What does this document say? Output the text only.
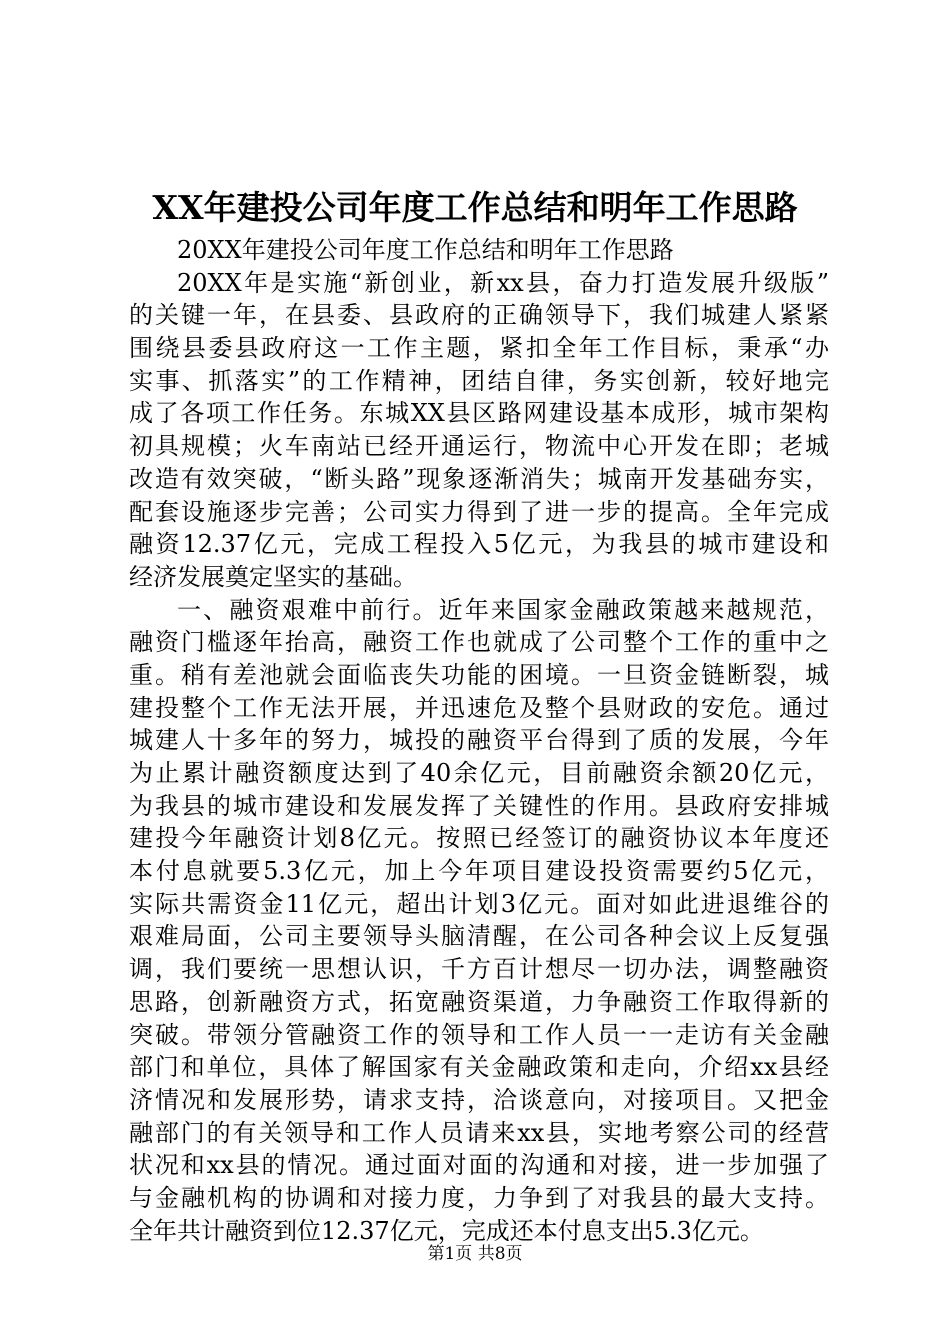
XX年建投公司年度工作总结和明年工作思路
20XX年建投公司年度工作总结和明年工作思路
20XX年是实施“新创业，新xx县，奋力打造发展升级版”
的关键一年，在县委、县政府的正确领导下，我们城建人紧紧
围绕县委县政府这一工作主题，紧扣全年工作目标，秉承“办
实事、抓落实”的工作精神，团结自律，务实创新，较好地完
成了各项工作任务。东城XX县区路网建设基本成形，城市架构
初具规模；火车南站已经开通运行，物流中心开发在即；老城
改造有效突破，“断头路”现象逐渐消失；城南开发基础夯实，
配套设施逐步完善；公司实力得到了进一步的提高。全年完成
融资12.37亿元，完成工程投入5亿元，为我县的城市建设和
经济发展奠定坚实的基础。
一、融资艰难中前行。近年来国家金融政策越来越规范，
融资门槛逐年抬高，融资工作也就成了公司整个工作的重中之
重。稍有差池就会面临丧失功能的困境。一旦资金链断裂，城
建投整个工作无法开展，并迅速危及整个县财政的安危。通过
城建人十多年的努力，城投的融资平台得到了质的发展，今年
为止累计融资额度达到了40余亿元，目前融资余额20亿元，
为我县的城市建设和发展发挥了关键性的作用。县政府安排城
建投今年融资计划8亿元。按照已经签订的融资协议本年度还
本付息就要5.3亿元，加上今年项目建设投资需要约5亿元，
实际共需资金11亿元，超出计划3亿元。面对如此进退维谷的
艰难局面，公司主要领导头脑清醒，在公司各种会议上反复强
调，我们要统一思想认识，千方百计想尽一切办法，调整融资
思路，创新融资方式，拓宽融资渠道，力争融资工作取得新的
突破。带领分管融资工作的领导和工作人员一一走访有关金融
部门和单位，具体了解国家有关金融政策和走向，介绍xx县经
济情况和发展形势，请求支持，洽谈意向，对接项目。又把金
融部门的有关领导和工作人员请来xx县，实地考察公司的经营
状况和xx县的情况。通过面对面的沟通和对接，进一步加强了
与金融机构的协调和对接力度，力争到了对我县的最大支持。
全年共计融资到位12.37亿元，完成还本付息支出5.3亿元。
第1页 共8页
